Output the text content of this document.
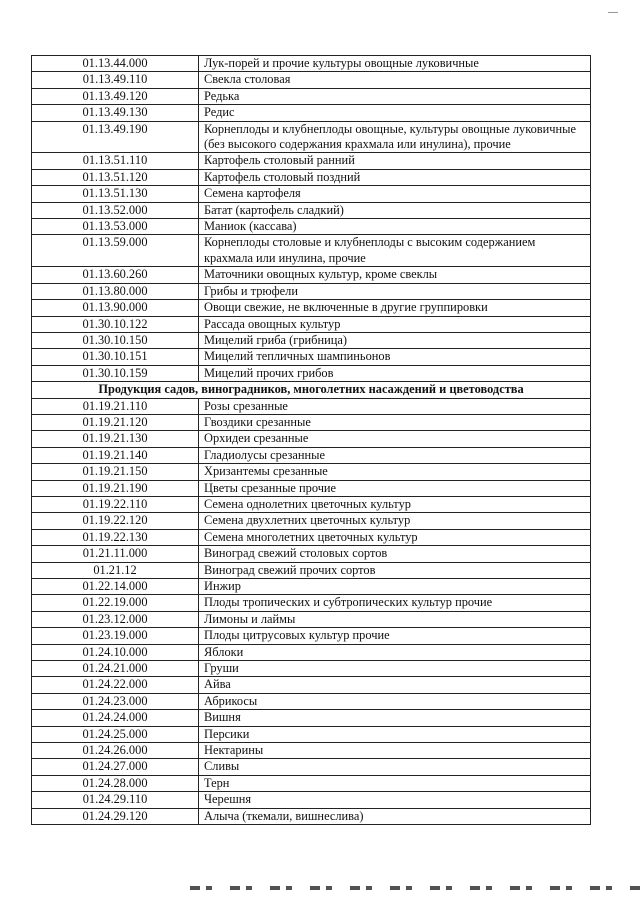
01.13.44.000	Лук-порей и прочие культуры овощные луковичные
01.13.49.110	Свекла столовая
01.13.49.120	Редька
01.13.49.130	Редис
01.13.49.190	Корнеплоды и клубнеплоды овощные, культуры овощные луковичные (без высокого содержания крахмала или инулина), прочие
01.13.51.110	Картофель столовый ранний
01.13.51.120	Картофель столовый поздний
01.13.51.130	Семена картофеля
01.13.52.000	Батат (картофель сладкий)
01.13.53.000	Маниок (кассава)
01.13.59.000	Корнеплоды столовые и клубнеплоды с высоким содержанием крахмала или инулина, прочие
01.13.60.260	Маточники овощных культур, кроме свеклы
01.13.80.000	Грибы и трюфели
01.13.90.000	Овощи свежие, не включенные в другие группировки
01.30.10.122	Рассада овощных культур
01.30.10.150	Мицелий гриба (грибница)
01.30.10.151	Мицелий тепличных шампиньонов
01.30.10.159	Мицелий прочих грибов
Продукция садов, виноградников, многолетних насаждений и цветоводства	
01.19.21.110	Розы срезанные
01.19.21.120	Гвоздики срезанные
01.19.21.130	Орхидеи срезанные
01.19.21.140	Гладиолусы срезанные
01.19.21.150	Хризантемы срезанные
01.19.21.190	Цветы срезанные прочие
01.19.22.110	Семена однолетних цветочных культур
01.19.22.120	Семена двухлетних цветочных культур
01.19.22.130	Семена многолетних цветочных культур
01.21.11.000	Виноград свежий столовых сортов
01.21.12	Виноград свежий прочих сортов
01.22.14.000	Инжир
01.22.19.000	Плоды тропических и субтропических культур прочие
01.23.12.000	Лимоны и лаймы
01.23.19.000	Плоды цитрусовых культур прочие
01.24.10.000	Яблоки
01.24.21.000	Груши
01.24.22.000	Айва
01.24.23.000	Абрикосы
01.24.24.000	Вишня
01.24.25.000	Персики
01.24.26.000	Нектарины
01.24.27.000	Сливы
01.24.28.000	Терн
01.24.29.110	Черешня
01.24.29.120	Алыча (ткемали, вишнеслива)
